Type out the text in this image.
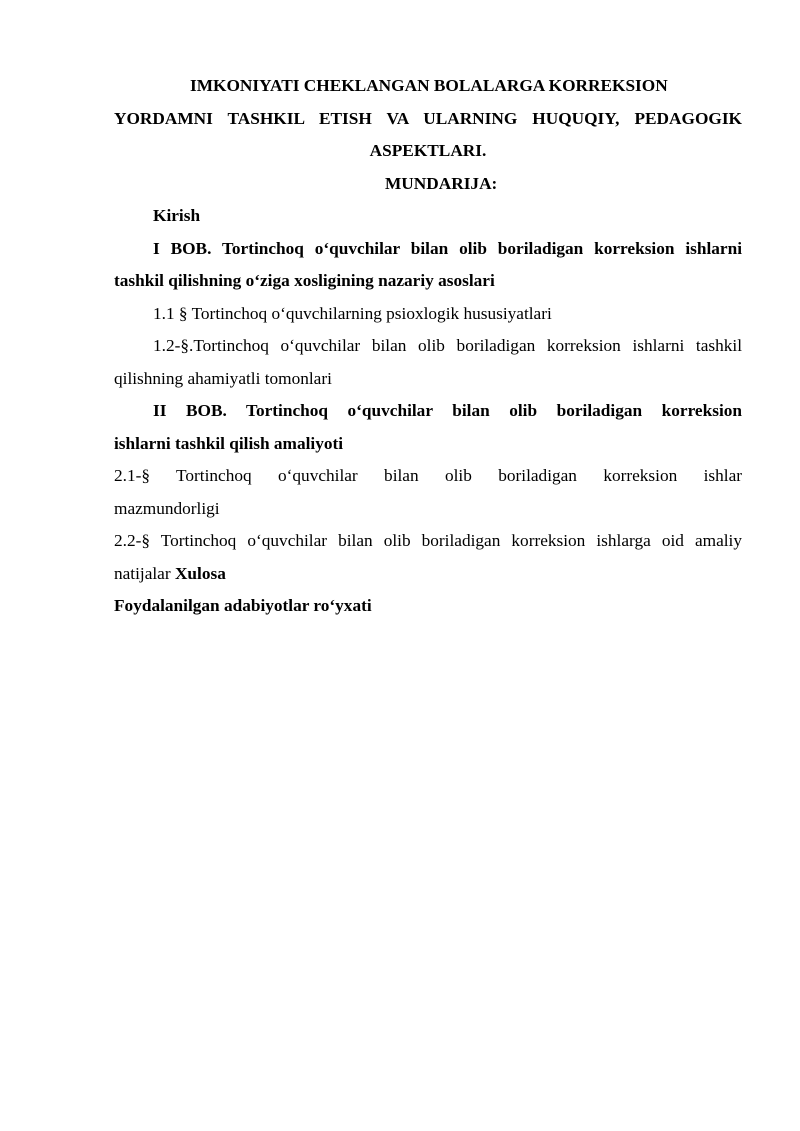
IMKONIYATI CHEKLANGAN BOLALARGA KORREKSION

YORDAMNI TASHKIL ETISH VA ULARNING HUQUQIY, PEDAGOGIK

ASPEKTLARI.

MUNDARIJA:

Kirish

I BOB. Tortinchoq o‘quvchilar bilan olib boriladigan korreksion ishlarni

tashkil qilishning o‘ziga xosligining nazariy asoslari

1.1 § Tortinchoq o‘quvchilarning psioxlogik hususiyatlari

1.2-§.Tortinchoq o‘quvchilar bilan olib boriladigan korreksion ishlarni tashkil

qilishning ahamiyatli tomonlari

II BOB. Tortinchoq o‘quvchilar bilan olib boriladigan korreksion

ishlarni tashkil qilish amaliyoti

2.1-§ Tortinchoq o‘quvchilar bilan olib boriladigan korreksion ishlar

mazmundorligi

2.2-§ Tortinchoq o‘quvchilar bilan olib boriladigan korreksion ishlarga oid amaliy

natijalar Xulosa

Foydalanilgan adabiyotlar ro‘yxati
